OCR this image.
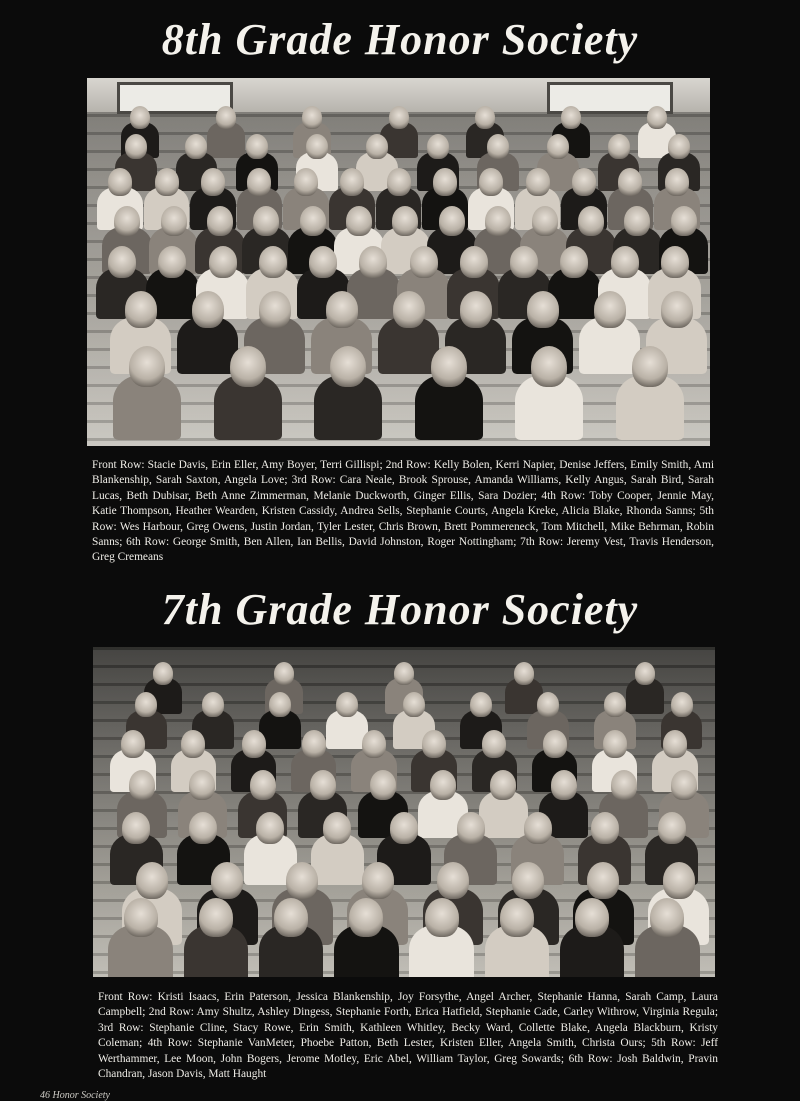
8th Grade Honor Society

Front Row: Stacie Davis, Erin Eller, Amy Boyer, Terri Gillispi; 2nd Row: Kelly Bolen, Kerri Napier, Denise Jeffers, Emily Smith, Ami Blankenship, Sarah Saxton, Angela Love; 3rd Row: Cara Neale, Brook Sprouse, Amanda Williams, Kelly Angus, Sarah Bird, Sarah Lucas, Beth Dubisar, Beth Anne Zimmerman, Melanie Duckworth, Ginger Ellis, Sara Dozier; 4th Row: Toby Cooper, Jennie May, Katie Thompson, Heather Wearden, Kristen Cassidy, Andrea Sells, Stephanie Courts, Angela Kreke, Alicia Blake, Rhonda Sanns; 5th Row: Wes Harbour, Greg Owens, Justin Jordan, Tyler Lester, Chris Brown, Brett Pommereneck, Tom Mitchell, Mike Behrman, Robin Sanns; 6th Row: George Smith, Ben Allen, Ian Bellis, David Johnston, Roger Nottingham; 7th Row: Jeremy Vest, Travis Henderson, Greg Cremeans

7th Grade Honor Society

Front Row: Kristi Isaacs, Erin Paterson, Jessica Blankenship, Joy Forsythe, Angel Archer, Stephanie Hanna, Sarah Camp, Laura Campbell; 2nd Row: Amy Shultz, Ashley Dingess, Stephanie Forth, Erica Hatfield, Stephanie Cade, Carley Withrow, Virginia Regula; 3rd Row: Stephanie Cline, Stacy Rowe, Erin Smith, Kathleen Whitley, Becky Ward, Collette Blake, Angela Blackburn, Kristy Coleman; 4th Row: Stephanie VanMeter, Phoebe Patton, Beth Lester, Kristen Eller, Angela Smith, Christa Ours; 5th Row: Jeff Werthammer, Lee Moon, John Bogers, Jerome Motley, Eric Abel, William Taylor, Greg Sowards; 6th Row: Josh Baldwin, Pravin Chandran, Jason Davis, Matt Haught

46 Honor Society
